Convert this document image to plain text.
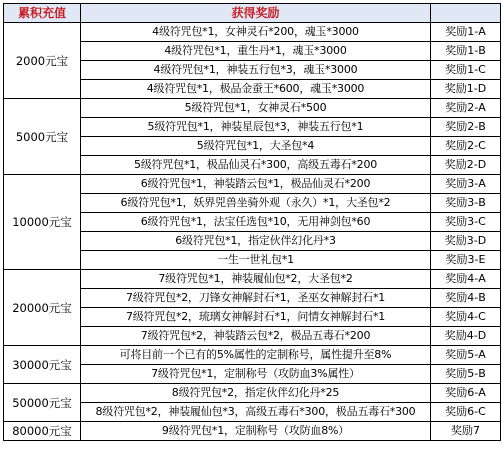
累积充值	获得奖励	
2000元宝	4级符咒包*1，女神灵石*200，魂玉*3000	奖励1-A
	4级符咒包*1，重生丹*1，魂玉*3000	奖励1-B
	4级符咒包*1，神装五行包*3，魂玉*3000	奖励1-C
	4级符咒包*1，极品金蚕王*600，魂玉*3000	奖励1-D
5000元宝	5级符咒包*1，女神灵石*500	奖励2-A
	5级符咒包*1，神装星辰包*3，神装五行包*1	奖励2-B
	5级符咒包*1，大圣包*4	奖励2-C
	5级符咒包*1，极品仙灵石*300，高级五毒石*200	奖励2-D
10000元宝	6级符咒包*1，神装踏云包*1，极品仙灵石*200	奖励3-A
	6级符咒包*1，妖界兕兽坐骑外观（永久）*1，大圣包*2	奖励3-B
	6级符咒包*1，法宝任选包*10，无用神剑包*60	奖励3-C
	6级符咒包*1，指定伙伴幻化丹*3	奖励3-D
	一生一世礼包*1	奖励3-E
20000元宝	7级符咒包*1，神装履仙包*2，大圣包*2	奖励4-A
	7级符咒包*2，刀锋女神解封石*1，圣巫女神解封石*1	奖励4-B
	7级符咒包*2，琉璃女神解封石*1，问情女神解封石*1	奖励4-C
	7级符咒包*2，神装踏云包*2，极品五毒石*200	奖励4-D
30000元宝	可将目前一个已有的5%属性的定制称号，属性提升至8%	奖励5-A
	7级符咒包*1，定制称号（攻防血3%属性）	奖励5-B
50000元宝	8级符咒包*2，指定伙伴幻化丹*25	奖励6-A
	8级符咒包*2，神装履仙包*3，高级五毒石*300，极品五毒石*300	奖励6-C
80000元宝	9级符咒包*1，定制称号（攻防血8%）	奖励7
